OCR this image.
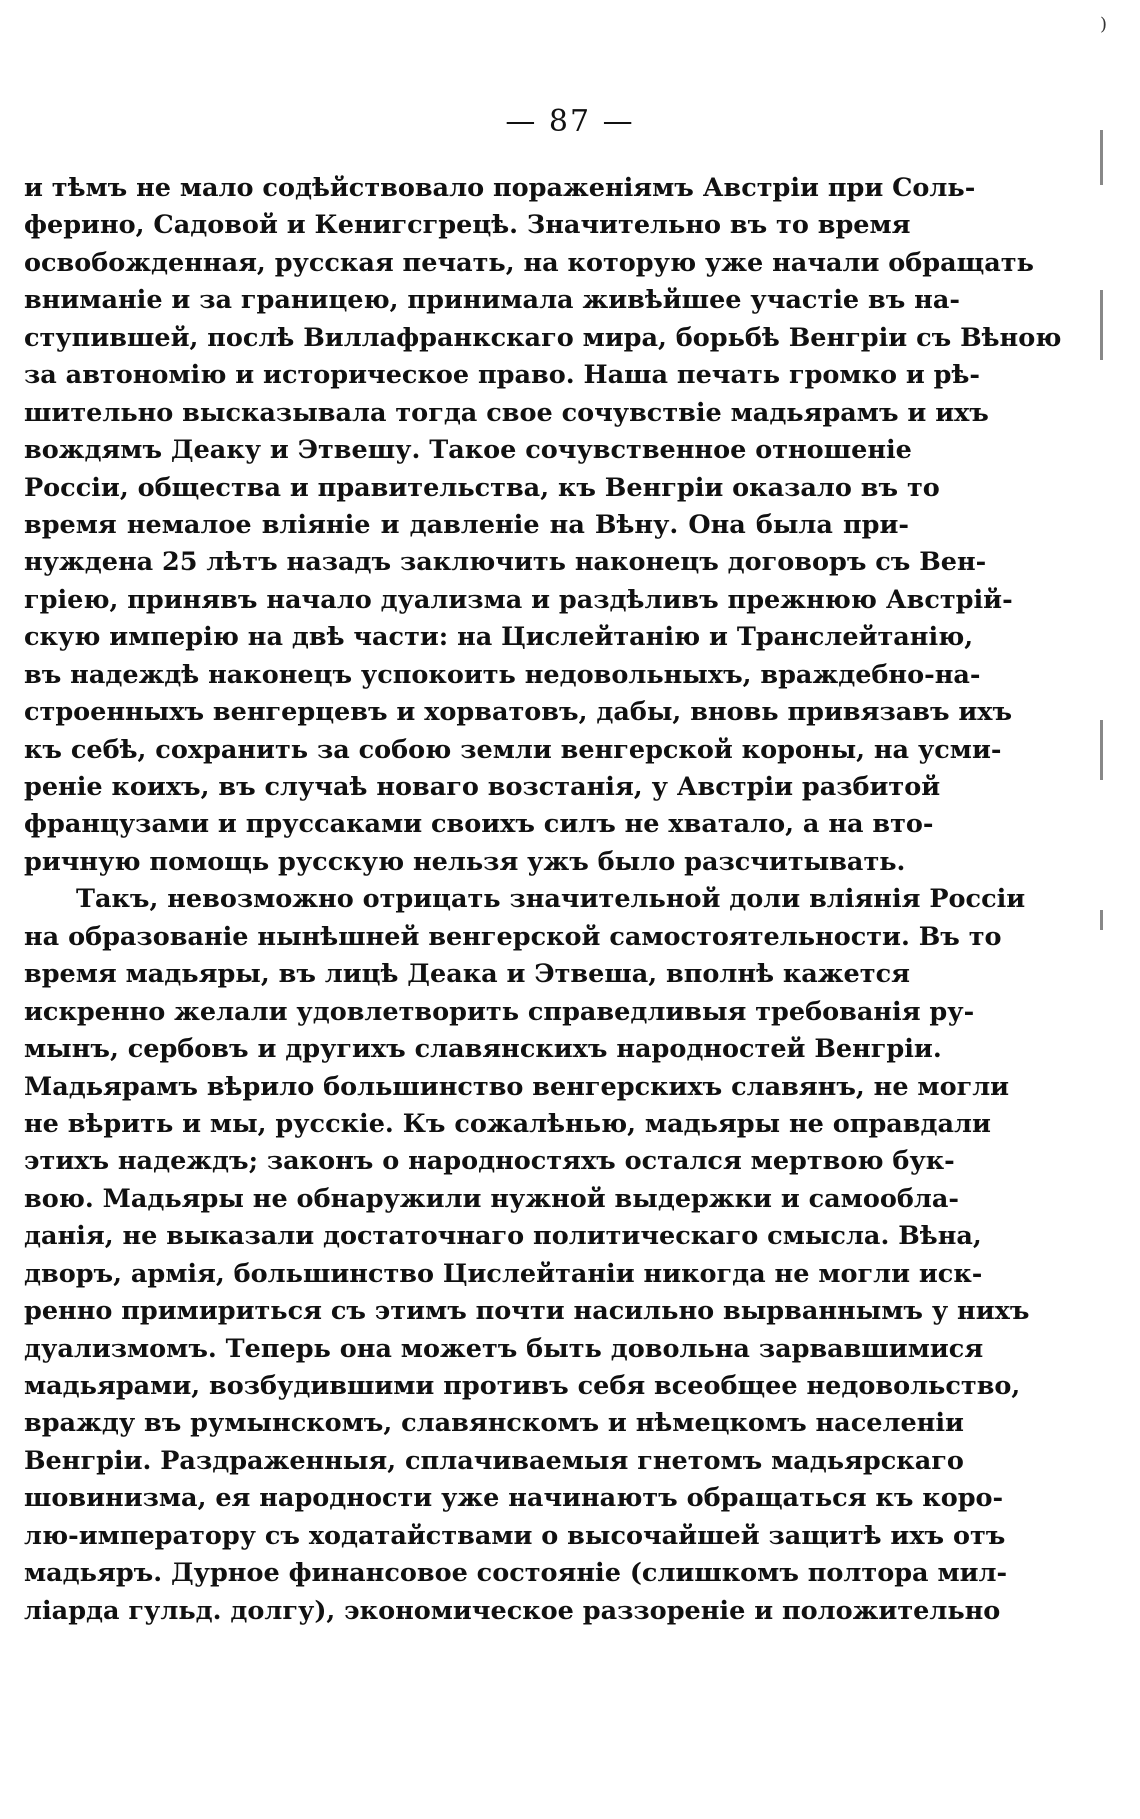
)
— 87 —
и тѣмъ не мало содѣйствовало пораженіямъ Австріи при Соль-
ферино, Садовой и Кенигсгрецѣ. Значительно въ то время
освобожденная, русская печать, на которую уже начали обращать
вниманіе и за границею, принимала живѣйшее участіе въ на-
ступившей, послѣ Виллафранкскаго мира, борьбѣ Венгріи съ Вѣною
за автономію и историческое право. Наша печать громко и рѣ-
шительно высказывала тогда свое сочувствіе мадьярамъ и ихъ
вождямъ Деаку и Этвешу. Такое сочувственное отношеніе
Россіи, общества и правительства, къ Венгріи оказало въ то
время немалое вліяніе и давленіе на Вѣну. Она была при-
нуждена 25 лѣтъ назадъ заключить наконецъ договоръ съ Вен-
гріею, принявъ начало дуализма и раздѣливъ прежнюю Австрій-
скую имперію на двѣ части: на Цислейтанію и Транслейтанію,
въ надеждѣ наконецъ успокоить недовольныхъ, враждебно-на-
строенныхъ венгерцевъ и хорватовъ, дабы, вновь привязавъ ихъ
къ себѣ, сохранить за собою земли венгерской короны, на усми-
реніе коихъ, въ случаѣ новаго возстанія, у Австріи разбитой
французами и пруссаками своихъ силъ не хватало, а на вто-
ричную помощь русскую нельзя ужъ было разсчитывать.
Такъ, невозможно отрицать значительной доли вліянія Россіи
на образованіе нынѣшней венгерской самостоятельности. Въ то
время мадьяры, въ лицѣ Деака и Этвеша, вполнѣ кажется
искренно желали удовлетворить справедливыя требованія ру-
мынъ, сербовъ и другихъ славянскихъ народностей Венгріи.
Мадьярамъ вѣрило большинство венгерскихъ славянъ, не могли
не вѣрить и мы, русскіе. Къ сожалѣнью, мадьяры не оправдали
этихъ надеждъ; законъ о народностяхъ остался мертвою бук-
вою. Мадьяры не обнаружили нужной выдержки и самообла-
данія, не выказали достаточнаго политическаго смысла. Вѣна,
дворъ, армія, большинство Цислейтаніи никогда не могли иск-
ренно примириться съ этимъ почти насильно вырваннымъ у нихъ
дуализмомъ. Теперь она можетъ быть довольна зарвавшимися
мадьярами, возбудившими противъ себя всеобщее недовольство,
вражду въ румынскомъ, славянскомъ и нѣмецкомъ населеніи
Венгріи. Раздраженныя, сплачиваемыя гнетомъ мадьярскаго
шовинизма, ея народности уже начинаютъ обращаться къ коро-
лю-императору съ ходатайствами о высочайшей защитѣ ихъ отъ
мадьяръ. Дурное финансовое состояніе (слишкомъ полтора мил-
ліарда гульд. долгу), экономическое раззореніе и положительно
